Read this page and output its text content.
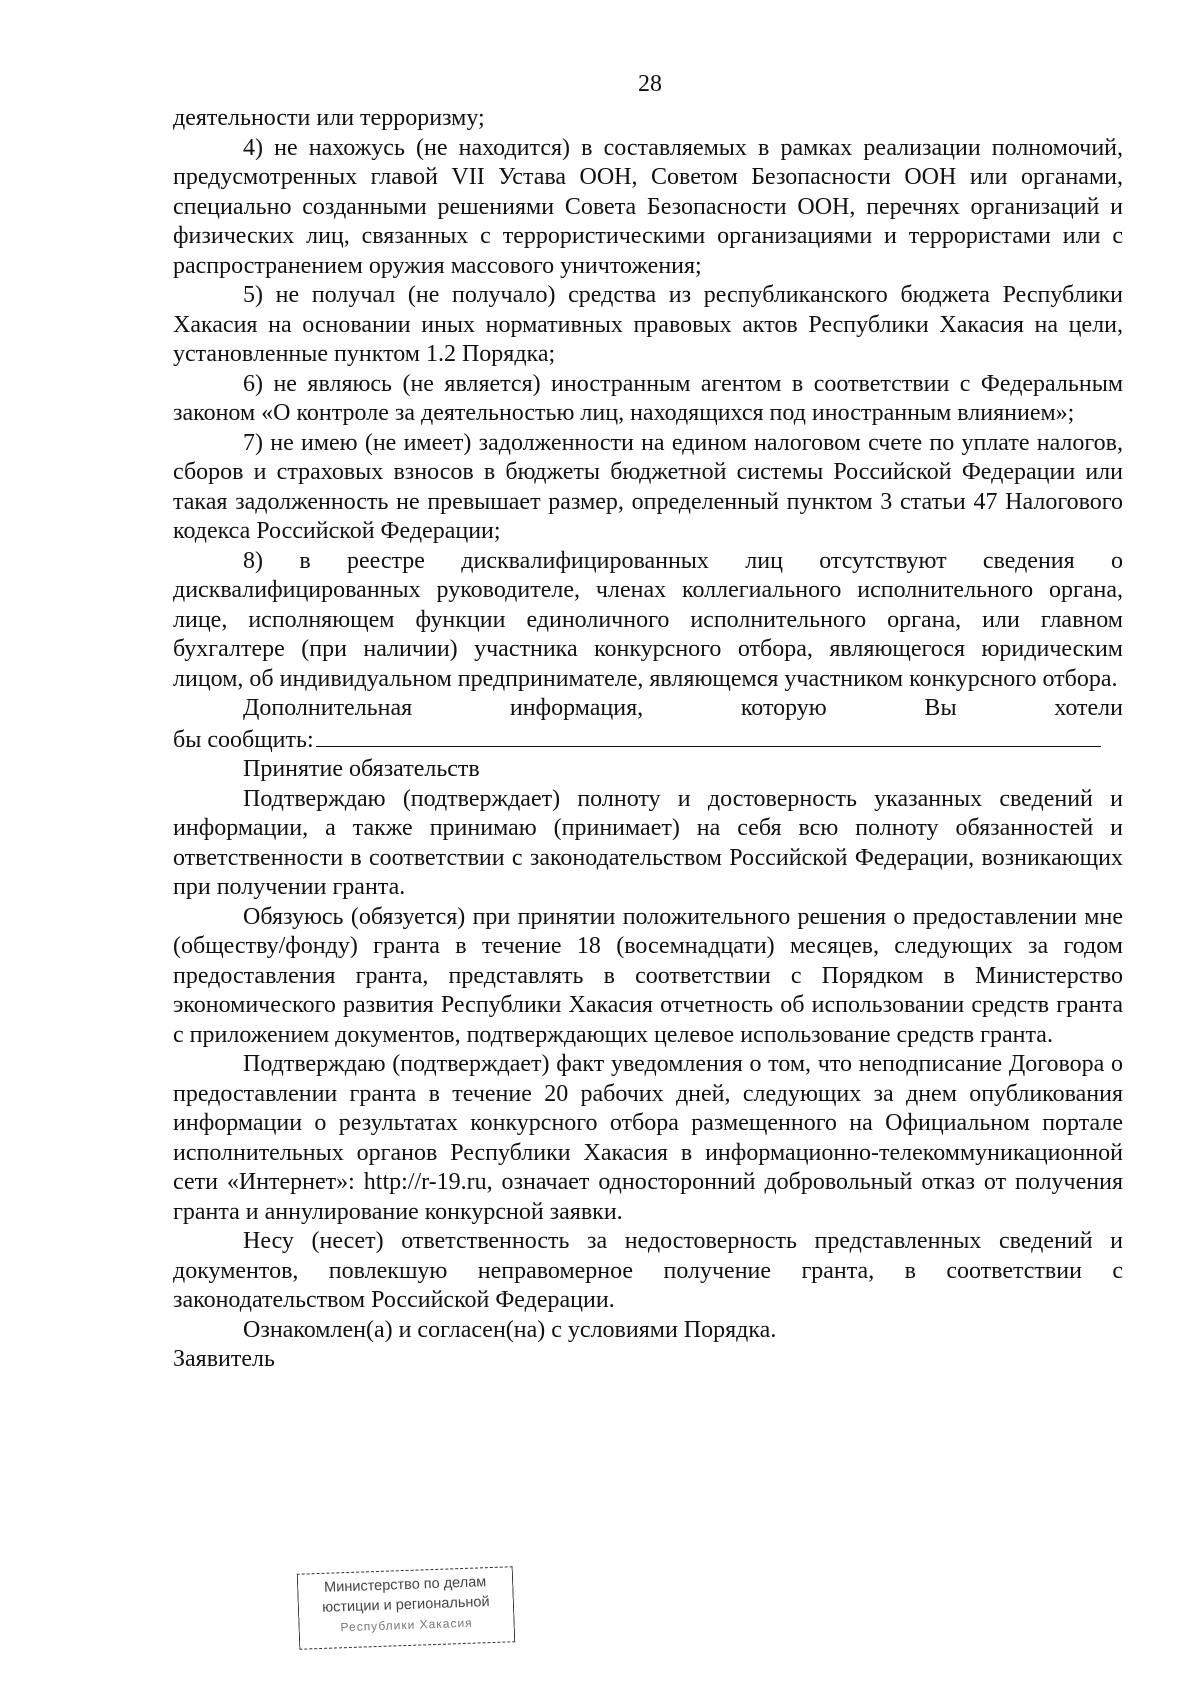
28

деятельности или терроризму;

4) не нахожусь (не находится) в составляемых в рамках реализации полномочий, предусмотренных главой VII Устава ООН, Советом Безопасности ООН или органами, специально созданными решениями Совета Безопасности ООН, перечнях организаций и физических лиц, связанных с террористическими организациями и террористами или с распространением оружия массового уничтожения;

5) не получал (не получало) средства из республиканского бюджета Республики Хакасия на основании иных нормативных правовых актов Республики Хакасия на цели, установленные пунктом 1.2 Порядка;

6) не являюсь (не является) иностранным агентом в соответствии с Федеральным законом «О контроле за деятельностью лиц, находящихся под иностранным влиянием»;

7) не имею (не имеет) задолженности на едином налоговом счете по уплате налогов, сборов и страховых взносов в бюджеты бюджетной системы Российской Федерации или такая задолженность не превышает размер, определенный пунктом 3 статьи 47 Налогового кодекса Российской Федерации;

8) в реестре дисквалифицированных лиц отсутствуют сведения о дисквалифицированных руководителе, членах коллегиального исполнительного органа, лице, исполняющем функции единоличного исполнительного органа, или главном бухгалтере (при наличии) участника конкурсного отбора, являющегося юридическим лицом, об индивидуальном предпринимателе, являющемся участником конкурсного отбора.

Дополнительная информация, которую Вы хотели

бы сообщить:

Принятие обязательств

Подтверждаю (подтверждает) полноту и достоверность указанных сведений и информации, а также принимаю (принимает) на себя всю полноту обязанностей и ответственности в соответствии с законодательством Российской Федерации, возникающих при получении гранта.

Обязуюсь (обязуется) при принятии положительного решения о предоставлении мне (обществу/фонду) гранта в течение 18 (восемнадцати) месяцев, следующих за годом предоставления гранта, представлять в соответствии с Порядком в Министерство экономического развития Республики Хакасия отчетность об использовании средств гранта с приложением документов, подтверждающих целевое использование средств гранта.

Подтверждаю (подтверждает) факт уведомления о том, что неподписание Договора о предоставлении гранта в течение 20 рабочих дней, следующих за днем опубликования информации о результатах конкурсного отбора размещенного на Официальном портале исполнительных органов Республики Хакасия в информационно-телекоммуникационной сети «Интернет»: http://r-19.ru, означает односторонний добровольный отказ от получения гранта и аннулирование конкурсной заявки.

Несу (несет) ответственность за недостоверность представленных сведений и документов, повлекшую неправомерное получение гранта, в соответствии с законодательством Российской Федерации.

Ознакомлен(а) и согласен(на) с условиями Порядка.

Заявитель

Министерство по делам
юстиции и региональной
Республики Хакасия
